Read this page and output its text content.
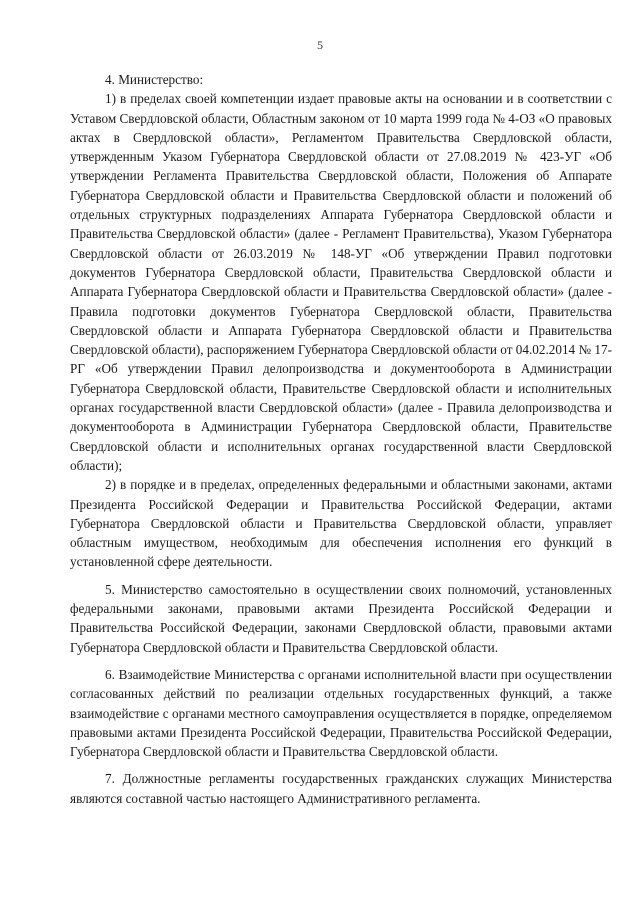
5

4. Министерство:

1) в пределах своей компетенции издает правовые акты на основании и в соответствии с Уставом Свердловской области, Областным законом от 10 марта 1999 года № 4-ОЗ «О правовых актах в Свердловской области», Регламентом Правительства Свердловской области, утвержденным Указом Губернатора Свердловской области от 27.08.2019 № 423-УГ «Об утверждении Регламента Правительства Свердловской области, Положения об Аппарате Губернатора Свердловской области и Правительства Свердловской области и положений об отдельных структурных подразделениях Аппарата Губернатора Свердловской области и Правительства Свердловской области» (далее - Регламент Правительства), Указом Губернатора Свердловской области от 26.03.2019 № 148-УГ «Об утверждении Правил подготовки документов Губернатора Свердловской области, Правительства Свердловской области и Аппарата Губернатора Свердловской области и Правительства Свердловской области» (далее - Правила подготовки документов Губернатора Свердловской области, Правительства Свердловской области и Аппарата Губернатора Свердловской области и Правительства Свердловской области), распоряжением Губернатора Свердловской области от 04.02.2014 № 17-РГ «Об утверждении Правил делопроизводства и документооборота в Администрации Губернатора Свердловской области, Правительстве Свердловской области и исполнительных органах государственной власти Свердловской области» (далее - Правила делопроизводства и документооборота в Администрации Губернатора Свердловской области, Правительстве Свердловской области и исполнительных органах государственной власти Свердловской области);

2) в порядке и в пределах, определенных федеральными и областными законами, актами Президента Российской Федерации и Правительства Российской Федерации, актами Губернатора Свердловской области и Правительства Свердловской области, управляет областным имуществом, необходимым для обеспечения исполнения его функций в установленной сфере деятельности.

5. Министерство самостоятельно в осуществлении своих полномочий, установленных федеральными законами, правовыми актами Президента Российской Федерации и Правительства Российской Федерации, законами Свердловской области, правовыми актами Губернатора Свердловской области и Правительства Свердловской области.

6. Взаимодействие Министерства с органами исполнительной власти при осуществлении согласованных действий по реализации отдельных государственных функций, а также взаимодействие с органами местного самоуправления осуществляется в порядке, определяемом правовыми актами Президента Российской Федерации, Правительства Российской Федерации, Губернатора Свердловской области и Правительства Свердловской области.

7. Должностные регламенты государственных гражданских служащих Министерства являются составной частью настоящего Административного регламента.
